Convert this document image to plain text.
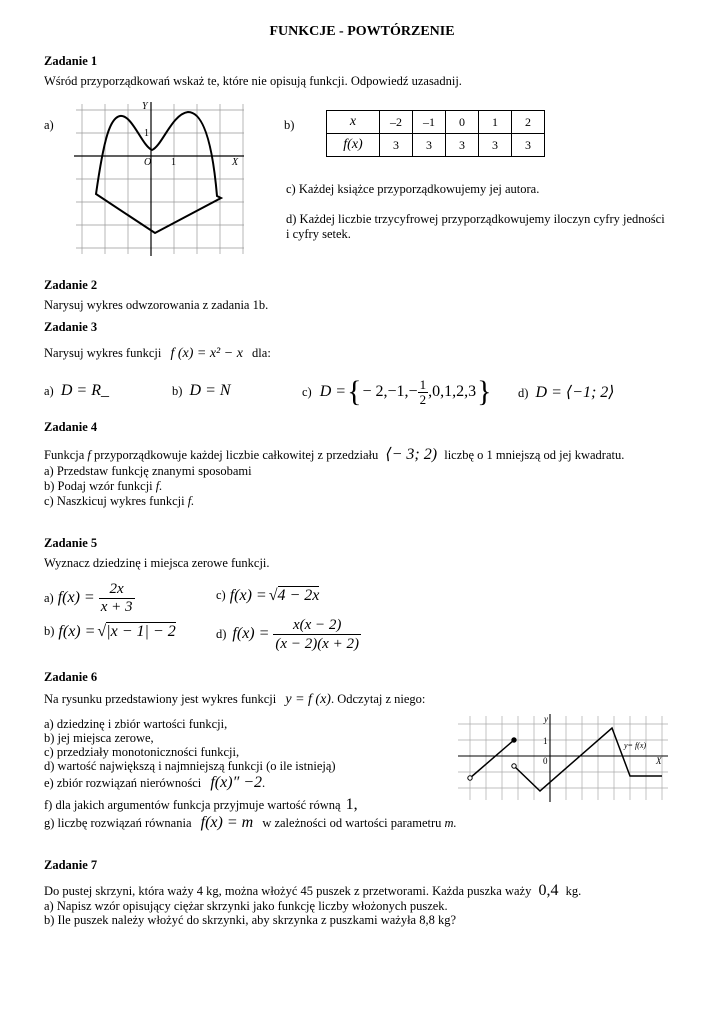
FUNKCJE - POWTÓRZENIE
Zadanie 1
Wśród przyporządkowań wskaż te, które nie opisują funkcji. Odpowiedź uzasadnij.
a)
Y
X
O 1
1
b)	x	–2	–1	0	1	2
f(x)	3	3	3	3	3
c) Każdej książce przyporządkowujemy jej autora.
d) Każdej liczbie trzycyfrowej przyporządkowujemy iloczyn cyfry jedności
i cyfry setek.
Zadanie 2
Narysuj wykres odwzorowania z zadania 1b.
Zadanie 3
Narysuj wykres funkcji f (x) = x² − x dla:
a) D = R_	b) D = N	c) D = { − $2,-1,- \frac{1}{2} ,0,1,2,3$ } d) D = ⟨−1; 2⟩
Zadanie 4
Funkcja f przyporządkowuje każdej liczbie całkowitej z przedziału ⟨− 3; 2) liczbę o 1 mniejszą od jej kwadratu.
a) Przedstaw funkcję znanymi sposobami
b) Podaj wzór funkcji f.
c) Naszkicuj wykres funkcji f.
Zadanie 5
Wyznacz dziedzinę i miejsca zerowe funkcji.
a) $f(x) = \frac{2x}{x + 3}$	c) f(x) = √ 4 − 2x
b) f(x) = √ |x − 1| − 2	d) $f(x) = \frac{x(x - 2)}{(x - 2)(x + 2)}$
Zadanie 6
Na rysunku przedstawiony jest wykres funkcji y = f (x). Odczytaj z niego:
a) dziedzinę i zbiór wartości funkcji,
b) jej miejsca zerowe,
c) przedziały monotoniczności funkcji,
d) wartość największą i najmniejszą funkcji (o ile istnieją)
e) zbiór rozwiązań nierówności f(x)″ −2.
f) dla jakich argumentów funkcja przyjmuje wartość równą 1,
g) liczbę rozwiązań równania f(x) = m w zależności od wartości parametru m.
y
X
1
0
y= f(x)
Zadanie 7
Do pustej skrzyni, która waży 4 kg, można włożyć 45 puszek z przetworami. Każda puszka waży 0,4 kg.
a) Napisz wzór opisujący ciężar skrzynki jako funkcję liczby włożonych puszek.
b) Ile puszek należy włożyć do skrzynki, aby skrzynka z puszkami ważyła 8,8 kg?
